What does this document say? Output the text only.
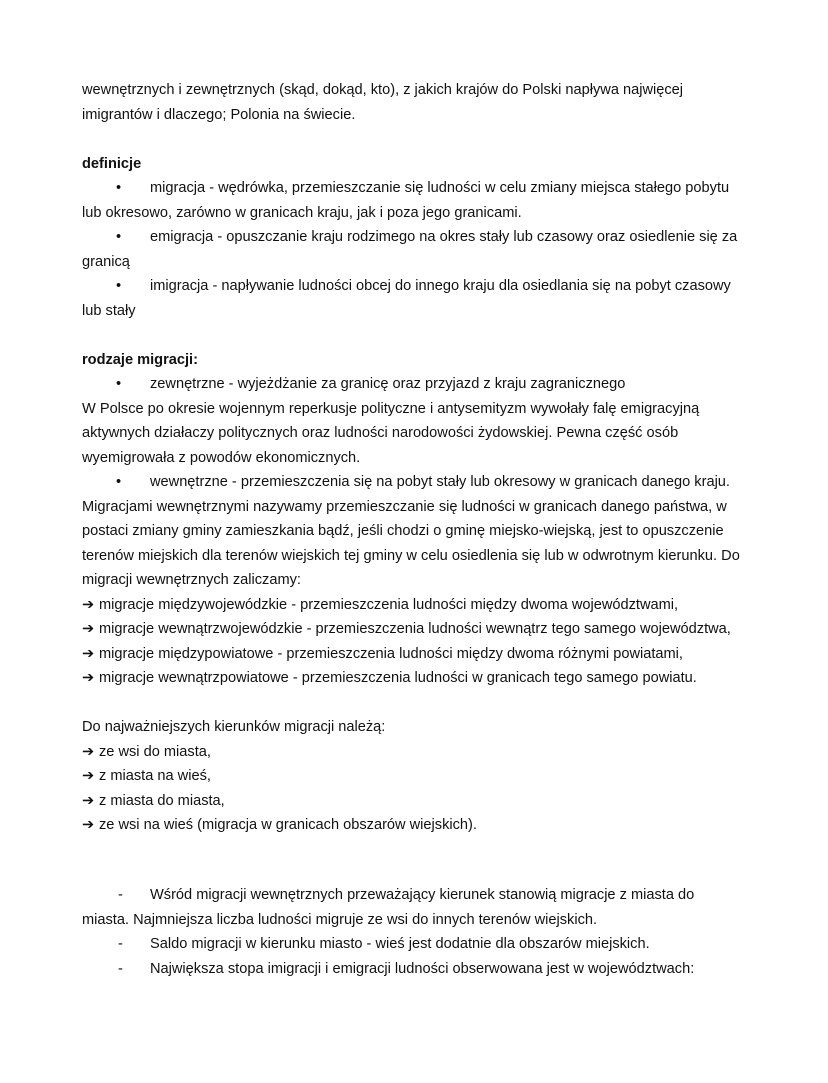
wewnętrznych i zewnętrznych (skąd, dokąd, kto), z jakich krajów do Polski napływa najwięcej

imigrantów i dlaczego; Polonia na świecie.

definicje

•	migracja - wędrówka, przemieszczanie się ludności w celu zmiany miejsca stałego pobytu
lub okresowo, zarówno w granicach kraju, jak i poza jego granicami.
•	emigracja - opuszczanie kraju rodzimego na okres stały lub czasowy oraz osiedlenie się za
granicą
•	imigracja - napływanie ludności obcej do innego kraju dla osiedlania się na pobyt czasowy
lub stały

rodzaje migracji:

•	zewnętrzne - wyjeżdżanie za granicę oraz przyjazd z kraju zagranicznego

W Polsce po okresie wojennym reperkusje polityczne i antysemityzm wywołały falę emigracyjną

aktywnych działaczy politycznych oraz ludności narodowości żydowskiej. Pewna część osób

wyemigrowała z powodów ekonomicznych.

•	wewnętrzne - przemieszczenia się na pobyt stały lub okresowy w granicach danego kraju.

Migracjami wewnętrznymi nazywamy przemieszczanie się ludności w granicach danego państwa, w

postaci zmiany gminy zamieszkania bądź, jeśli chodzi o gminę miejsko-wiejską, jest to opuszczenie

terenów miejskich dla terenów wiejskich tej gminy w celu osiedlenia się lub w odwrotnym kierunku. Do

migracji wewnętrznych zaliczamy:

➔ migracje międzywojewódzkie - przemieszczenia ludności między dwoma województwami,

➔ migracje wewnątrzwojewódzkie - przemieszczenia ludności wewnątrz tego samego województwa,

➔ migracje międzypowiatowe - przemieszczenia ludności między dwoma różnymi powiatami,

➔ migracje wewnątrzpowiatowe - przemieszczenia ludności w granicach tego samego powiatu.

Do najważniejszych kierunków migracji należą:

➔ ze wsi do miasta,

➔ z miasta na wieś,

➔ z miasta do miasta,

➔ ze wsi na wieś (migracja w granicach obszarów wiejskich).

-	Wśród migracji wewnętrznych przeważający kierunek stanowią migracje z miasta do
miasta. Najmniejsza liczba ludności migruje ze wsi do innych terenów wiejskich.
-	Saldo migracji w kierunku miasto - wieś jest dodatnie dla obszarów miejskich.
-	Największa stopa imigracji i emigracji ludności obserwowana jest w województwach:
